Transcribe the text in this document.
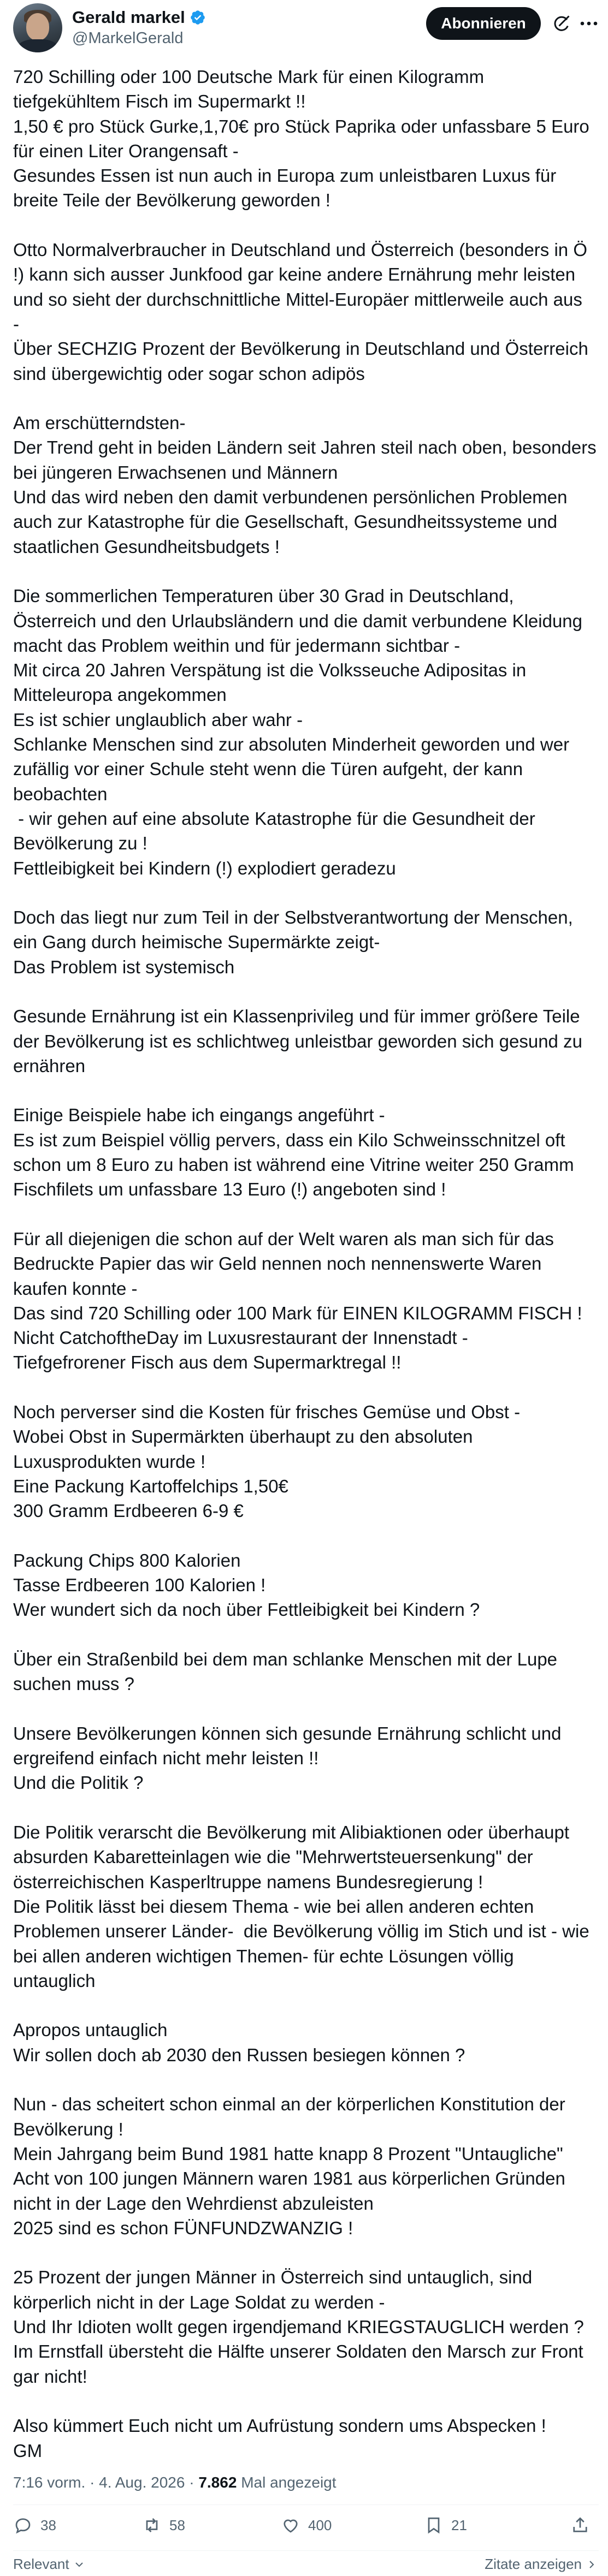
Gerald markel
@MarkelGerald
Abonnieren
720 Schilling oder 100 Deutsche Mark für einen Kilogramm
tiefgekühltem Fisch im Supermarkt !!
1,50 € pro Stück Gurke,1,70€ pro Stück Paprika oder unfassbare 5 Euro
für einen Liter Orangensaft -
Gesundes Essen ist nun auch in Europa zum unleistbaren Luxus für
breite Teile der Bevölkerung geworden !

Otto Normalverbraucher in Deutschland und Österreich (besonders in Ö
!) kann sich ausser Junkfood gar keine andere Ernährung mehr leisten
und so sieht der durchschnittliche Mittel-Europäer mittlerweile auch aus
-
Über SECHZIG Prozent der Bevölkerung in Deutschland und Österreich
sind übergewichtig oder sogar schon adipös

Am erschütterndsten-
Der Trend geht in beiden Ländern seit Jahren steil nach oben, besonders
bei jüngeren Erwachsenen und Männern
Und das wird neben den damit verbundenen persönlichen Problemen
auch zur Katastrophe für die Gesellschaft, Gesundheitssysteme und
staatlichen Gesundheitsbudgets !

Die sommerlichen Temperaturen über 30 Grad in Deutschland,
Österreich und den Urlaubsländern und die damit verbundene Kleidung
macht das Problem weithin und für jedermann sichtbar -
Mit circa 20 Jahren Verspätung ist die Volksseuche Adipositas in
Mitteleuropa angekommen
Es ist schier unglaublich aber wahr -
Schlanke Menschen sind zur absoluten Minderheit geworden und wer
zufällig vor einer Schule steht wenn die Türen aufgeht, der kann
beobachten
- wir gehen auf eine absolute Katastrophe für die Gesundheit der
Bevölkerung zu !
Fettleibigkeit bei Kindern (!) explodiert geradezu

Doch das liegt nur zum Teil in der Selbstverantwortung der Menschen,
ein Gang durch heimische Supermärkte zeigt-
Das Problem ist systemisch

Gesunde Ernährung ist ein Klassenprivileg und für immer größere Teile
der Bevölkerung ist es schlichtweg unleistbar geworden sich gesund zu
ernähren

Einige Beispiele habe ich eingangs angeführt -
Es ist zum Beispiel völlig pervers, dass ein Kilo Schweinsschnitzel oft
schon um 8 Euro zu haben ist während eine Vitrine weiter 250 Gramm
Fischfilets um unfassbare 13 Euro (!) angeboten sind !

Für all diejenigen die schon auf der Welt waren als man sich für das
Bedruckte Papier das wir Geld nennen noch nennenswerte Waren
kaufen konnte -
Das sind 720 Schilling oder 100 Mark für EINEN KILOGRAMM FISCH !
Nicht CatchoftheDay im Luxusrestaurant der Innenstadt -
Tiefgefrorener Fisch aus dem Supermarktregal !!

Noch perverser sind die Kosten für frisches Gemüse und Obst -
Wobei Obst in Supermärkten überhaupt zu den absoluten
Luxusprodukten wurde !
Eine Packung Kartoffelchips 1,50€
300 Gramm Erdbeeren 6-9 €

Packung Chips 800 Kalorien
Tasse Erdbeeren 100 Kalorien !
Wer wundert sich da noch über Fettleibigkeit bei Kindern ?

Über ein Straßenbild bei dem man schlanke Menschen mit der Lupe
suchen muss ?

Unsere Bevölkerungen können sich gesunde Ernährung schlicht und
ergreifend einfach nicht mehr leisten !!
Und die Politik ?

Die Politik verarscht die Bevölkerung mit Alibiaktionen oder überhaupt
absurden Kabaretteinlagen wie die "Mehrwertsteuersenkung" der
österreichischen Kasperltruppe namens Bundesregierung !
Die Politik lässt bei diesem Thema - wie bei allen anderen echten
Problemen unserer Länder-  die Bevölkerung völlig im Stich und ist - wie
bei allen anderen wichtigen Themen- für echte Lösungen völlig
untauglich

Apropos untauglich
Wir sollen doch ab 2030 den Russen besiegen können ?

Nun - das scheitert schon einmal an der körperlichen Konstitution der
Bevölkerung !
Mein Jahrgang beim Bund 1981 hatte knapp 8 Prozent "Untaugliche"
Acht von 100 jungen Männern waren 1981 aus körperlichen Gründen
nicht in der Lage den Wehrdienst abzuleisten
2025 sind es schon FÜNFUNDZWANZIG !

25 Prozent der jungen Männer in Österreich sind untauglich, sind
körperlich nicht in der Lage Soldat zu werden -
Und Ihr Idioten wollt gegen irgendjemand KRIEGSTAUGLICH werden ?
Im Ernstfall übersteht die Hälfte unserer Soldaten den Marsch zur Front
gar nicht!

Also kümmert Euch nicht um Aufrüstung sondern ums Abspecken !
GM
7:16 vorm. · 4. Aug. 2026 · 7.862 Mal angezeigt
38	58	400	21
Relevant	Zitate anzeigen
